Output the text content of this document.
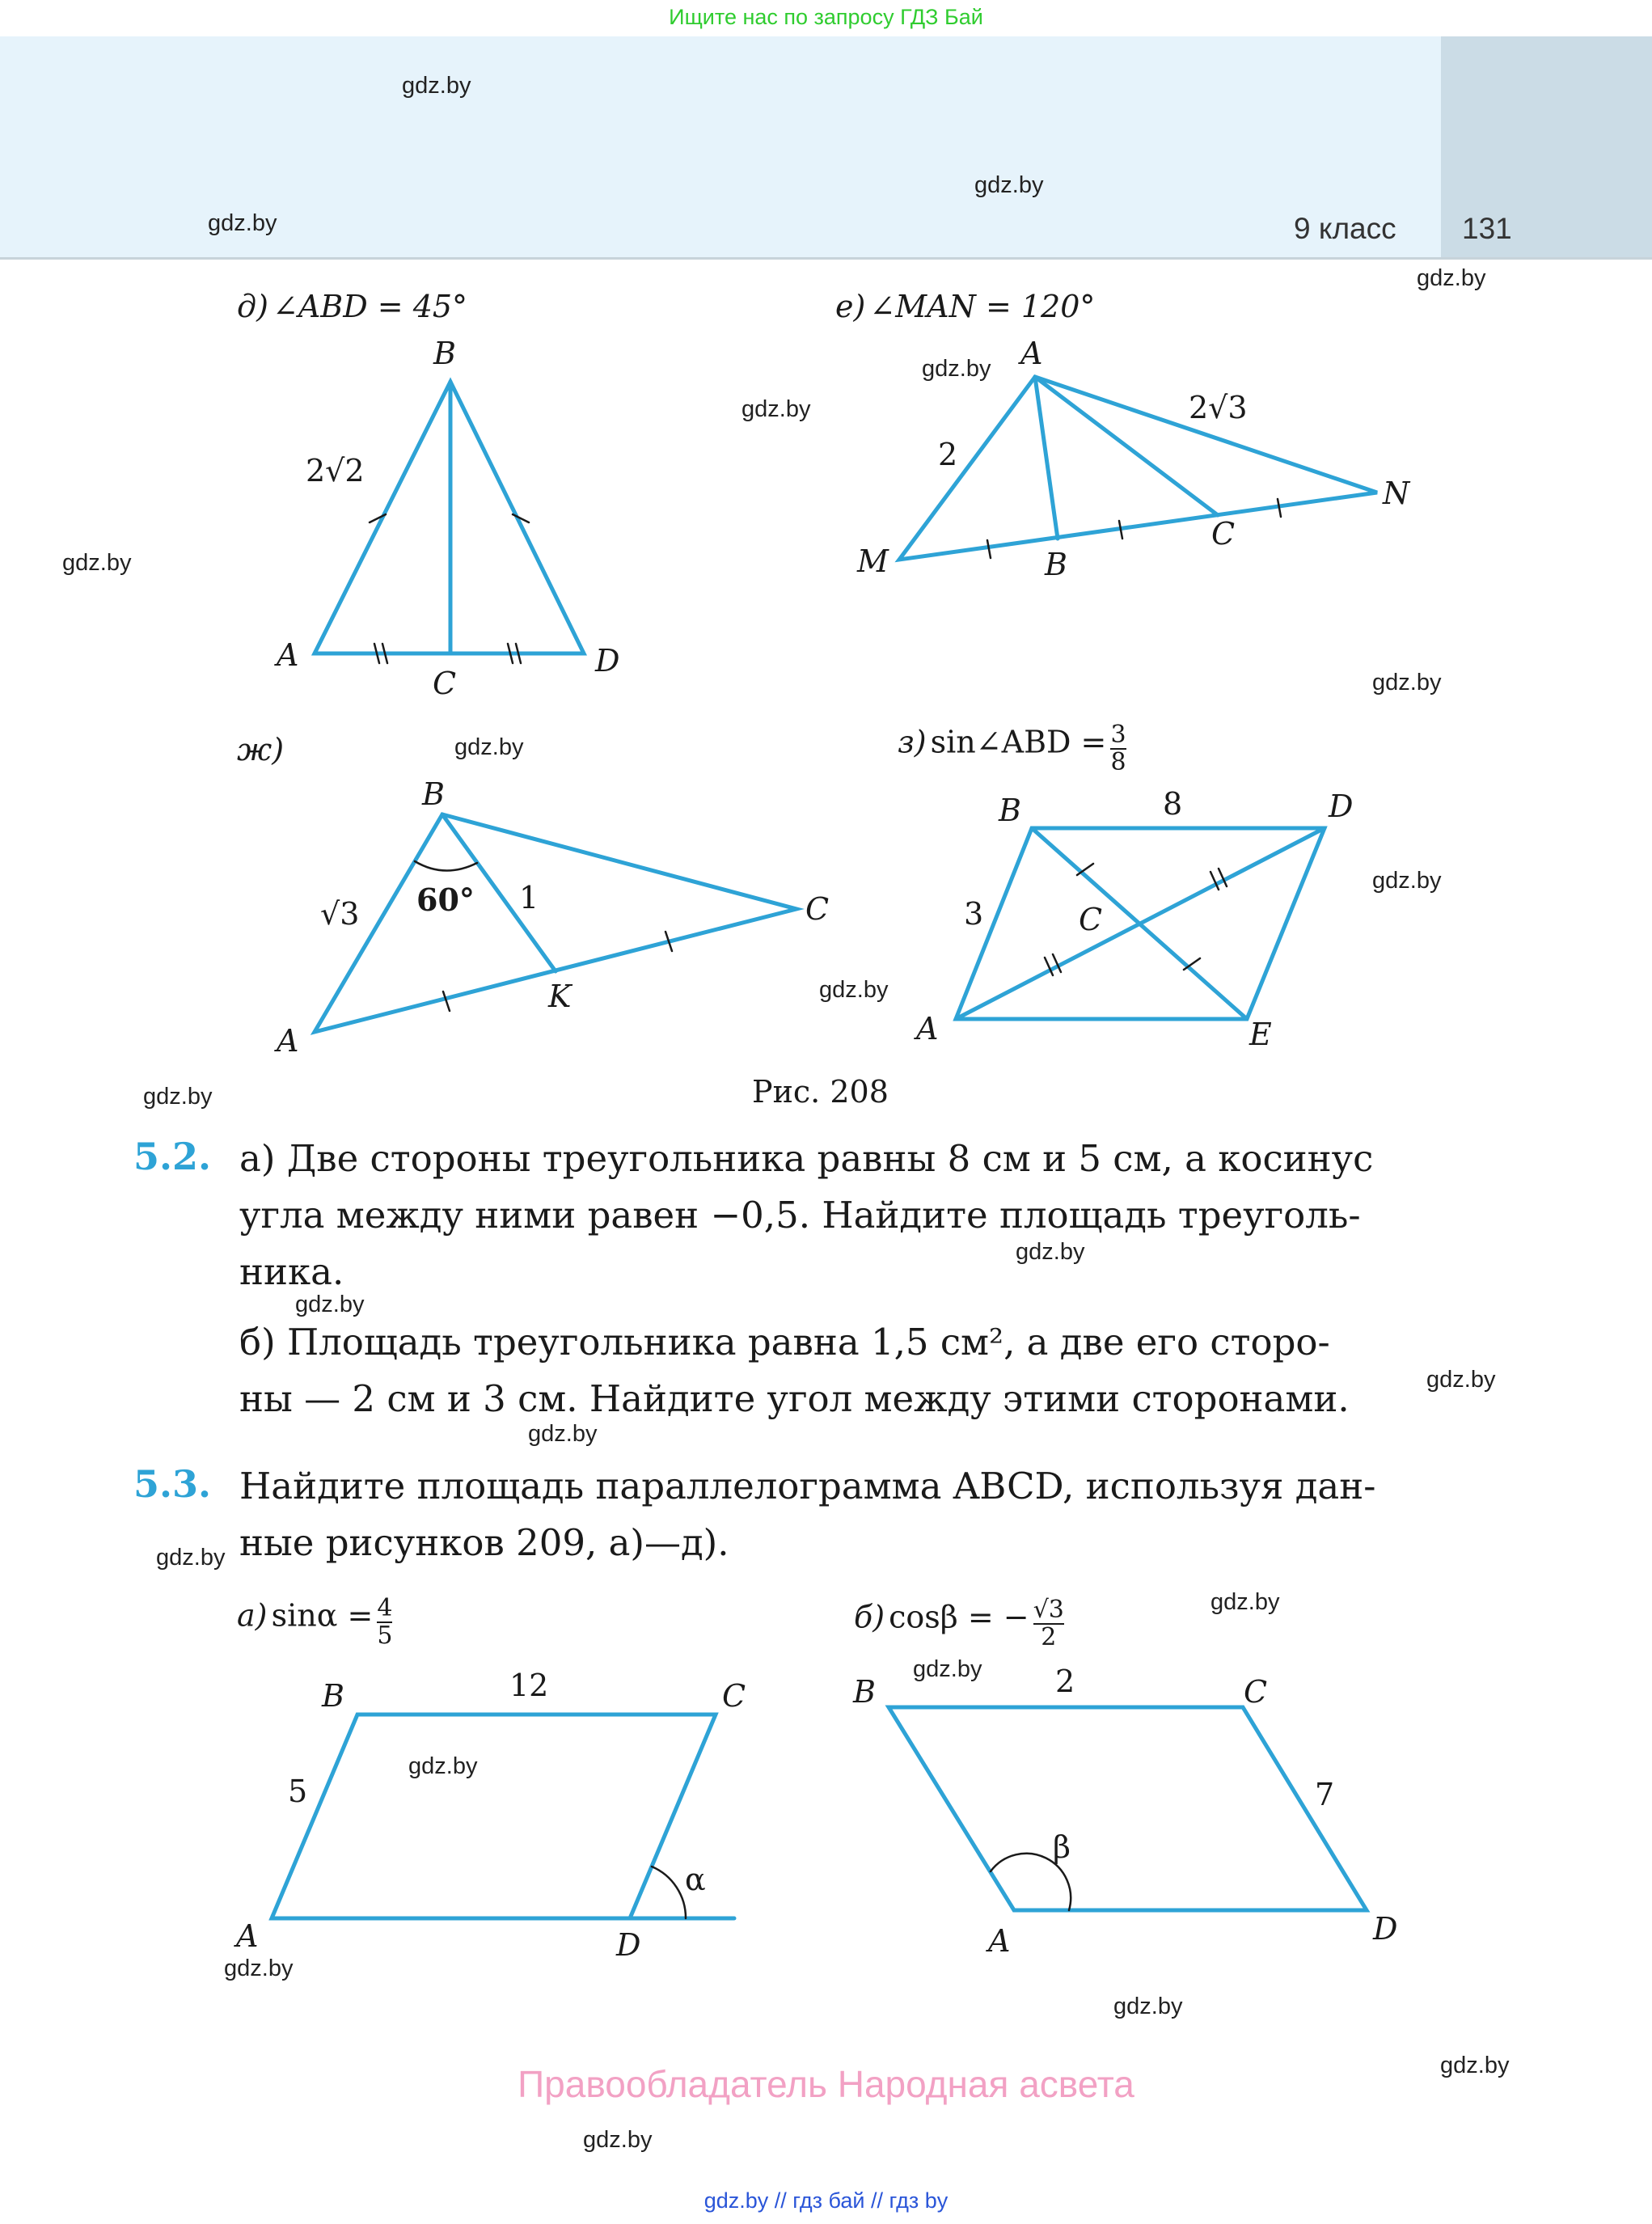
Ищите нас по запросу ГДЗ Бай
9 класс 131
gdz.by
gdz.by
gdz.by
gdz.by
gdz.by
gdz.by
gdz.by
gdz.by
gdz.by
gdz.by
gdz.by
gdz.by
gdz.by
gdz.by
gdz.by
gdz.by
gdz.by
gdz.by
gdz.by
gdz.by
gdz.by
gdz.by
gdz.by
gdz.by
д) ∠ABD = 45°
B
A	D
C
2√2
е) ∠MAN = 120°
A
M	B
C
N
2
2√3
ж)
B
A
C
K
√3	1
60°
з) sin∠ABD = $\frac{3}{8}$
B	D
A	E
C
8
3
Рис. 208
5.2. а) Две стороны треугольника равны 8 см и 5 см, а косинус
угла между ними равен −0,5. Найдите площадь треуголь-
ника.
б) Площадь треугольника равна 1,5 см², а две его сторо-
ны — 2 см и 3 см. Найдите угол между этими сторонами.
5.3. Найдите площадь параллелограмма ABCD, используя дан-
ные рисунков 209, а)—д).
а) $\sin\alpha = \frac{4}{5}$
B	C
A	D
12
5
α
б) cosβ = − $\frac{√3}{2}$
B	C
A	D
2
7
β
Правообладатель Народная асвета
gdz.by // гдз бай // гдз by
